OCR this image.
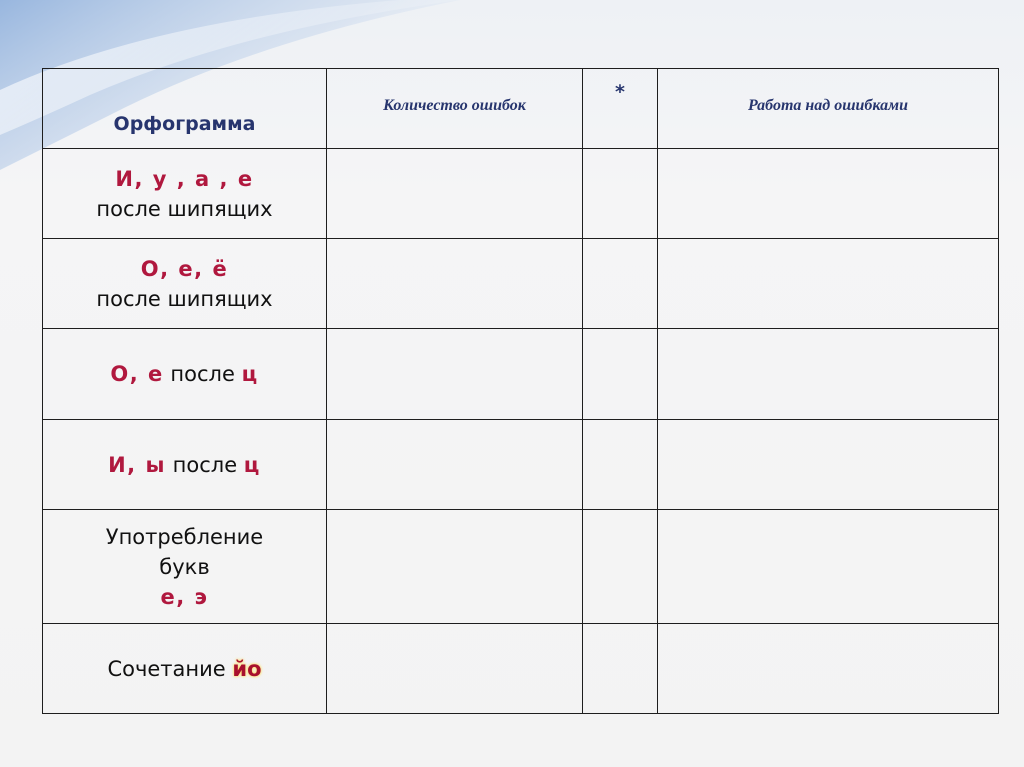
Орфограмма	Количество ошибок	*	Работа над ошибками

И, у , а , е
после шипящих			

О, е, ё
после шипящих			

О, е после ц			

И, ы после ц			

Употребление
букв
е, э			

Сочетание йо			
